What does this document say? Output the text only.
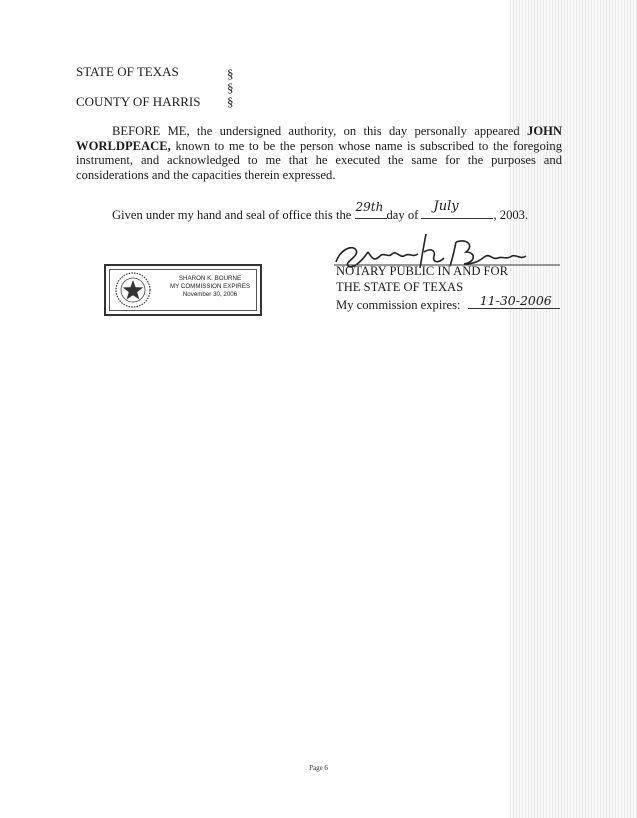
STATE OF TEXAS	§
§
COUNTY OF HARRIS §
BEFORE ME, the undersigned authority, on this day personally appeared JOHN WORLDPEACE, known to me to be the person whose name is subscribed to the foregoing instrument, and acknowledged to me that he executed the same for the purposes and considerations and the capacities therein expressed.
Given under my hand and seal of office this the
29th
day of
July
, 2003.
NOTARY PUBLIC IN AND FOR
THE STATE OF TEXAS
My commission expires: 11-30-2006
SHARON K. BOURNE
MY COMMISSION EXPIRES
November 30, 2006
Page 6
